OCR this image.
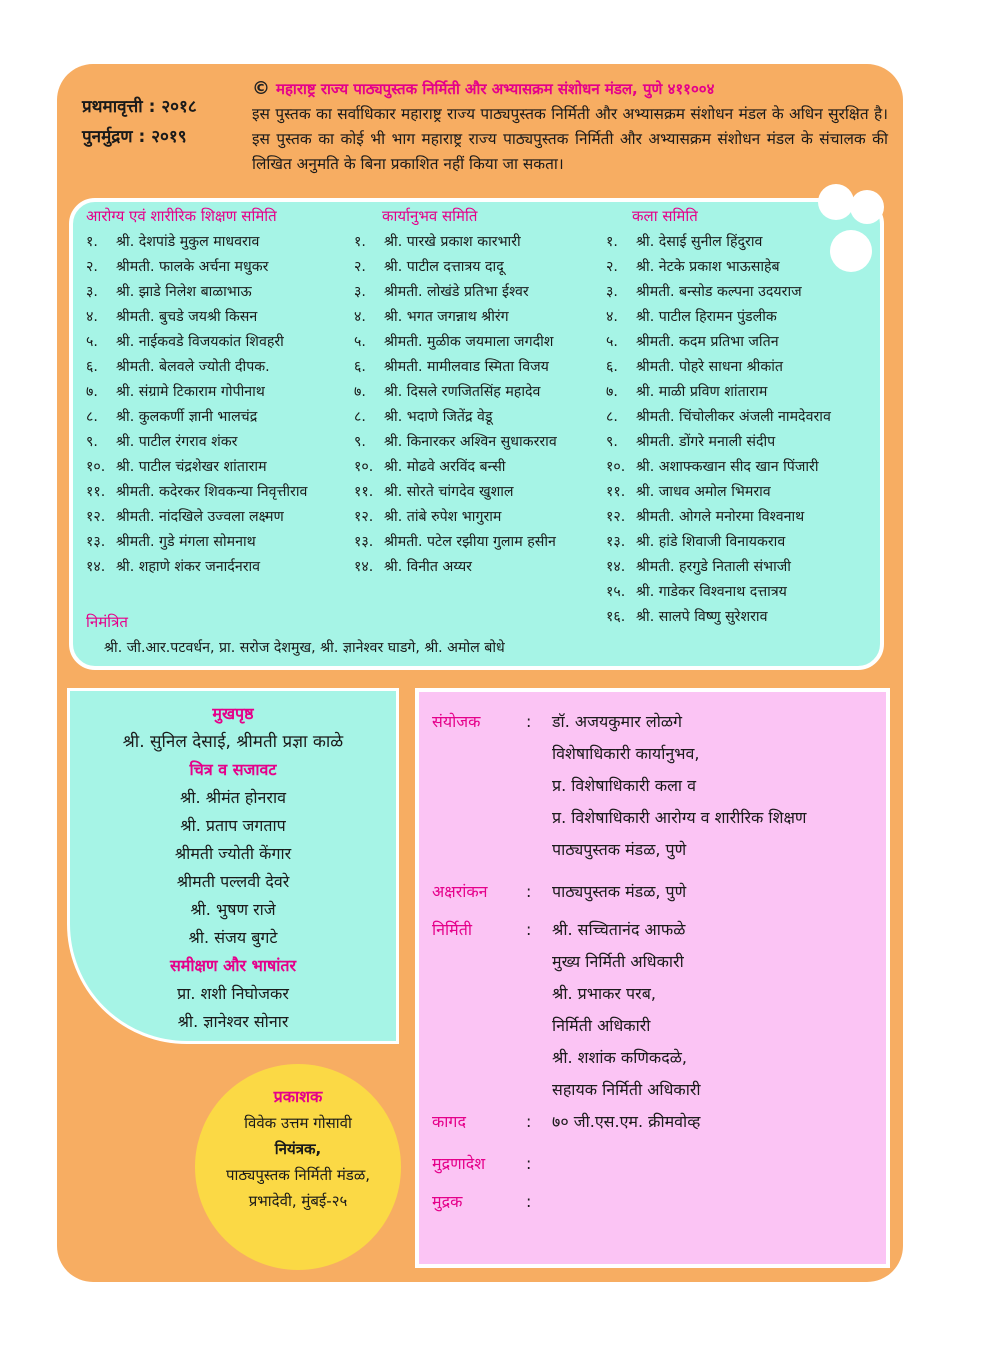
प्रथमावृत्ती : २०१८
पुनर्मुद्रण : २०१९
© महाराष्ट्र राज्य पाठ्यपुस्तक निर्मिती और अभ्यासक्रम संशोधन मंडल, पुणे ४११००४
इस पुस्तक का सर्वाधिकार महाराष्ट्र राज्य पाठ्यपुस्तक निर्मिती और अभ्यासक्रम संशोधन मंडल के अधिन सुरक्षित है। इस पुस्तक का कोई भी भाग महाराष्ट्र राज्य पाठ्यपुस्तक निर्मिती और अभ्यासक्रम संशोधन मंडल के संचालक की लिखित अनुमति के बिना प्रकाशित नहीं किया जा सकता।
आरोग्य एवं शारीरिक शिक्षण समिति
१. श्री. देशपांडे मुकुल माधवराव
२. श्रीमती. फालके अर्चना मधुकर
३. श्री. झाडे निलेश बाळाभाऊ
४. श्रीमती. बुचडे जयश्री किसन
५. श्री. नाईकवडे विजयकांत शिवहरी
६. श्रीमती. बेलवले ज्योती दीपक.
७. श्री. संग्रामे टिकाराम गोपीनाथ
८. श्री. कुलकर्णी ज्ञानी भालचंद्र
९. श्री. पाटील रंगराव शंकर
१०. श्री. पाटील चंद्रशेखर शांताराम
११. श्रीमती. कदेरकर शिवकन्या निवृत्तीराव
१२. श्रीमती. नांदखिले उज्वला लक्ष्मण
१३. श्रीमती. गुडे मंगला सोमनाथ
१४. श्री. शहाणे शंकर जनार्दनराव
कार्यानुभव समिति
१. श्री. पारखे प्रकाश कारभारी
२. श्री. पाटील दत्तात्रय दादू
३. श्रीमती. लोखंडे प्रतिभा ईश्वर
४. श्री. भगत जगन्नाथ श्रीरंग
५. श्रीमती. मुळीक जयमाला जगदीश
६. श्रीमती. मामीलवाड स्मिता विजय
७. श्री. दिसले रणजितसिंह महादेव
८. श्री. भदाणे जितेंद्र वेडू
९. श्री. किनारकर अश्विन सुधाकरराव
१०. श्री. मोढवे अरविंद बन्सी
११. श्री. सोरते चांगदेव खुशाल
१२. श्री. तांबे रुपेश भागुराम
१३. श्रीमती. पटेल रझीया गुलाम हसीन
१४. श्री. विनीत अय्यर
कला समिति
१. श्री. देसाई सुनील हिंदुराव
२. श्री. नेटके प्रकाश भाऊसाहेब
३. श्रीमती. बन्सोड कल्पना उदयराज
४. श्री. पाटील हिरामन पुंडलीक
५. श्रीमती. कदम प्रतिभा जतिन
६. श्रीमती. पोहरे साधना श्रीकांत
७. श्री. माळी प्रविण शांताराम
८. श्रीमती. चिंचोलीकर अंजली नामदेवराव
९. श्रीमती. डोंगरे मनाली संदीप
१०. श्री. अशाफ्कखान सीद खान पिंजारी
११. श्री. जाधव अमोल भिमराव
१२. श्रीमती. ओगले मनोरमा विश्वनाथ
१३. श्री. हांडे शिवाजी विनायकराव
१४. श्रीमती. हरगुडे निताली संभाजी
१५. श्री. गाडेकर विश्वनाथ दत्तात्रय
१६. श्री. सालपे विष्णु सुरेशराव
निमंत्रित
श्री. जी.आर.पटवर्धन, प्रा. सरोज देशमुख, श्री. ज्ञानेश्वर घाडगे, श्री. अमोल बोधे
मुखपृष्ठ
श्री. सुनिल देसाई, श्रीमती प्रज्ञा काळे
चित्र व सजावट
श्री. श्रीमंत होनराव
श्री. प्रताप जगताप
श्रीमती ज्योती केंगार
श्रीमती पल्लवी देवरे
श्री. भुषण राजे
श्री. संजय बुगटे
समीक्षण और भाषांतर
प्रा. शशी निघोजकर
श्री. ज्ञानेश्वर सोनार
प्रकाशक
विवेक उत्तम गोसावी
नियंत्रक,
पाठ्यपुस्तक निर्मिती मंडळ,
प्रभादेवी, मुंबई-२५
संयोजक	: डॉ. अजयकुमार लोळगे
विशेषाधिकारी कार्यानुभव,
प्र. विशेषाधिकारी कला व
प्र. विशेषाधिकारी आरोग्य व शारीरिक शिक्षण
पाठ्यपुस्तक मंडळ, पुणे
अक्षरांकन : पाठ्यपुस्तक मंडळ, पुणे
निर्मिती	: श्री. सच्चितानंद आफळे
मुख्य निर्मिती अधिकारी
श्री. प्रभाकर परब,
निर्मिती अधिकारी
श्री. शशांक कणिकदळे,
सहायक निर्मिती अधिकारी
कागद	: ७० जी.एस.एम. क्रीमवोव्ह
मुद्रणादेश	:
मुद्रक	:
